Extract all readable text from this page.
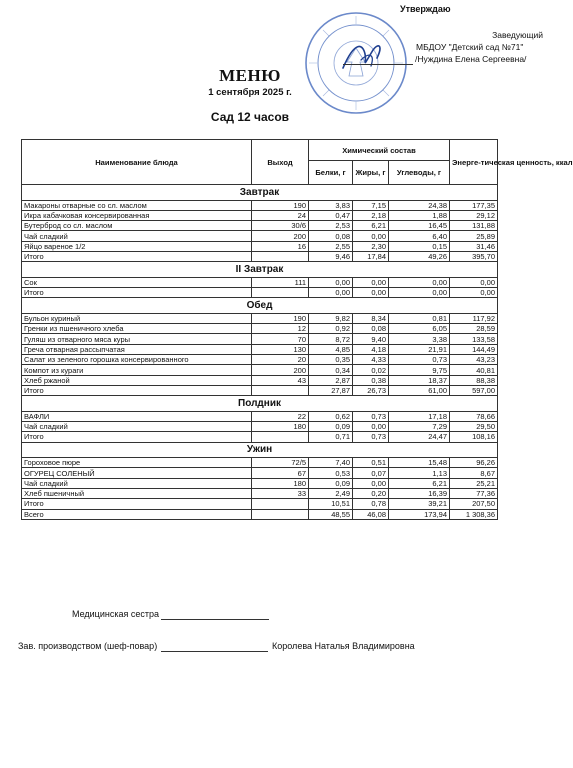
Утверждаю
Заведующий
МБДОУ "Детский сад №71"
/Нуждина Елена Сергеевна/
МЕНЮ
1 сентября 2025 г.
Сад 12 часов
Наименование блюда	Выход	Химический состав			Энерге-тическая ценность, ккал
		Белки, г	Жиры, г	Углеводы, г	
Завтрак					
Макароны отварные со сл. маслом	190	3,83	7,15	24,38	177,35
Икра кабачковая консервированная	24	0,47	2,18	1,88	29,12
Бутерброд со сл. маслом	30/6	2,53	6,21	16,45	131,88
Чай сладкий	200	0,08	0,00	6,40	25,89
Яйцо вареное 1/2	16	2,55	2,30	0,15	31,46
Итого		9,46	17,84	49,26	395,70
II Завтрак					
Сок	111	0,00	0,00	0,00	0,00
Итого		0,00	0,00	0,00	0,00
Обед					
Бульон куриный	190	9,82	8,34	0,81	117,92
Гренки из пшеничного хлеба	12	0,92	0,08	6,05	28,59
Гуляш из отварного мяса куры	70	8,72	9,40	3,38	133,58
Греча отварная рассыпчатая	130	4,85	4,18	21,91	144,49
Салат из зеленого горошка консервированного	20	0,35	4,33	0,73	43,23
Компот из кураги	200	0,34	0,02	9,75	40,81
Хлеб ржаной	43	2,87	0,38	18,37	88,38
Итого		27,87	26,73	61,00	597,00
Полдник					
ВАФЛИ	22	0,62	0,73	17,18	78,66
Чай сладкий	180	0,09	0,00	7,29	29,50
Итого		0,71	0,73	24,47	108,16
Ужин					
Гороховое пюре	72/5	7,40	0,51	15,48	96,26
ОГУРЕЦ СОЛЕНЫЙ	67	0,53	0,07	1,13	8,67
Чай сладкий	180	0,09	0,00	6,21	25,21
Хлеб пшеничный	33	2,49	0,20	16,39	77,36
Итого		10,51	0,78	39,21	207,50
Всего		48,55	46,08	173,94	1 308,36
Медицинская сестра
Зав. производством (шеф-повар)	Королева Наталья Владимировна
